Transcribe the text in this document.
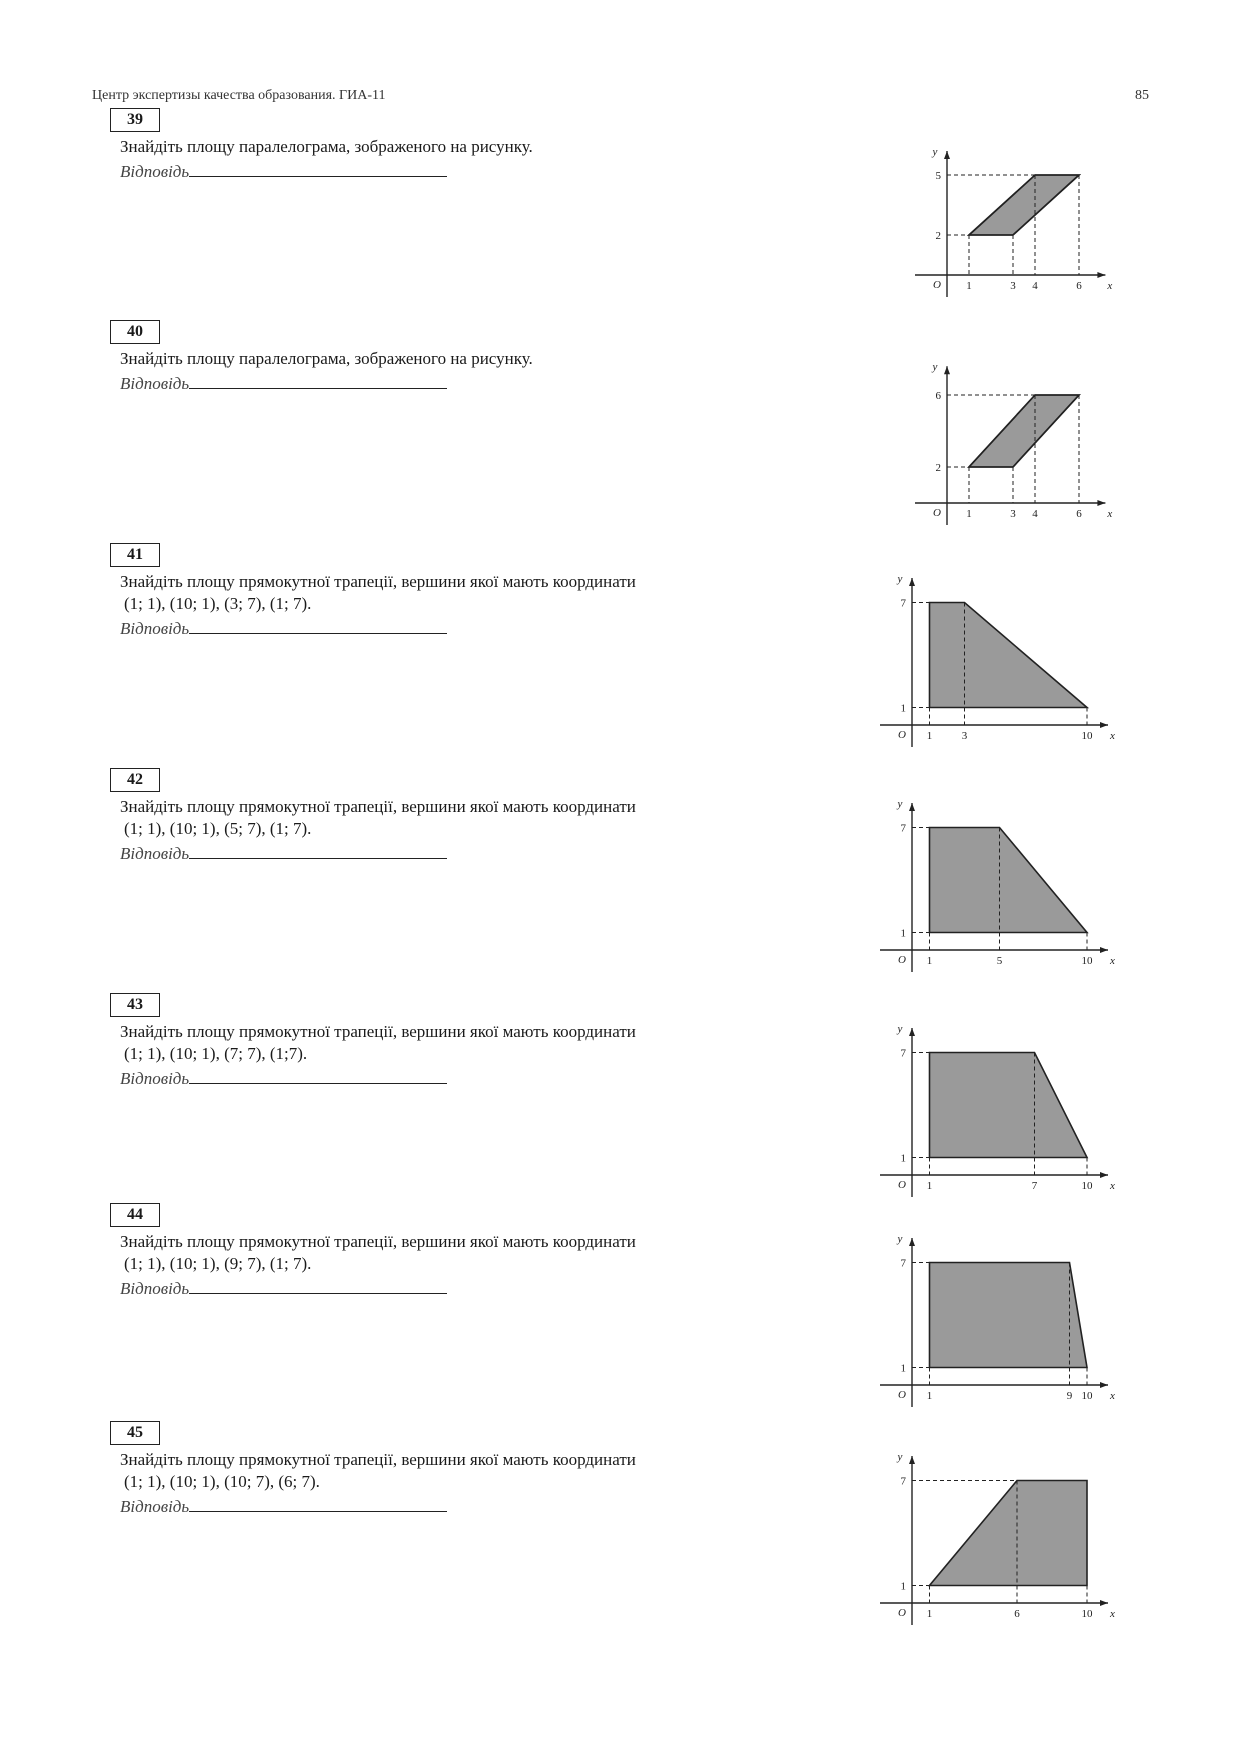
Центр экспертизы качества образования. ГИА-11	85
39
Знайдіть площу паралелограма, зображеного на рисунку.
Відповідь
1	3 4	6
2
5
O	x
y
40
Знайдіть площу паралелограма, зображеного на рисунку.
Відповідь
1	3 4	6
2
6
O	x
y
41
Знайдіть площу прямокутної трапеції, вершини якої мають координати
(1; 1), (10; 1), (3; 7), (1; 7).
Відповідь
1	3	10
1
7
O	x
y
42
Знайдіть площу прямокутної трапеції, вершини якої мають координати
(1; 1), (10; 1), (5; 7), (1; 7).
Відповідь
1	5	10
1
7
O	x
y
43
Знайдіть площу прямокутної трапеції, вершини якої мають координати
(1; 1), (10; 1), (7; 7), (1;7).
Відповідь
1	7	10
1
7
O	x
y
44
Знайдіть площу прямокутної трапеції, вершини якої мають координати
(1; 1), (10; 1), (9; 7), (1; 7).
Відповідь
1	9 10
1
7
O	x
y
45
Знайдіть площу прямокутної трапеції, вершини якої мають координати
(1; 1), (10; 1), (10; 7), (6; 7).
Відповідь
1	6	10
1
7
O	x
y
